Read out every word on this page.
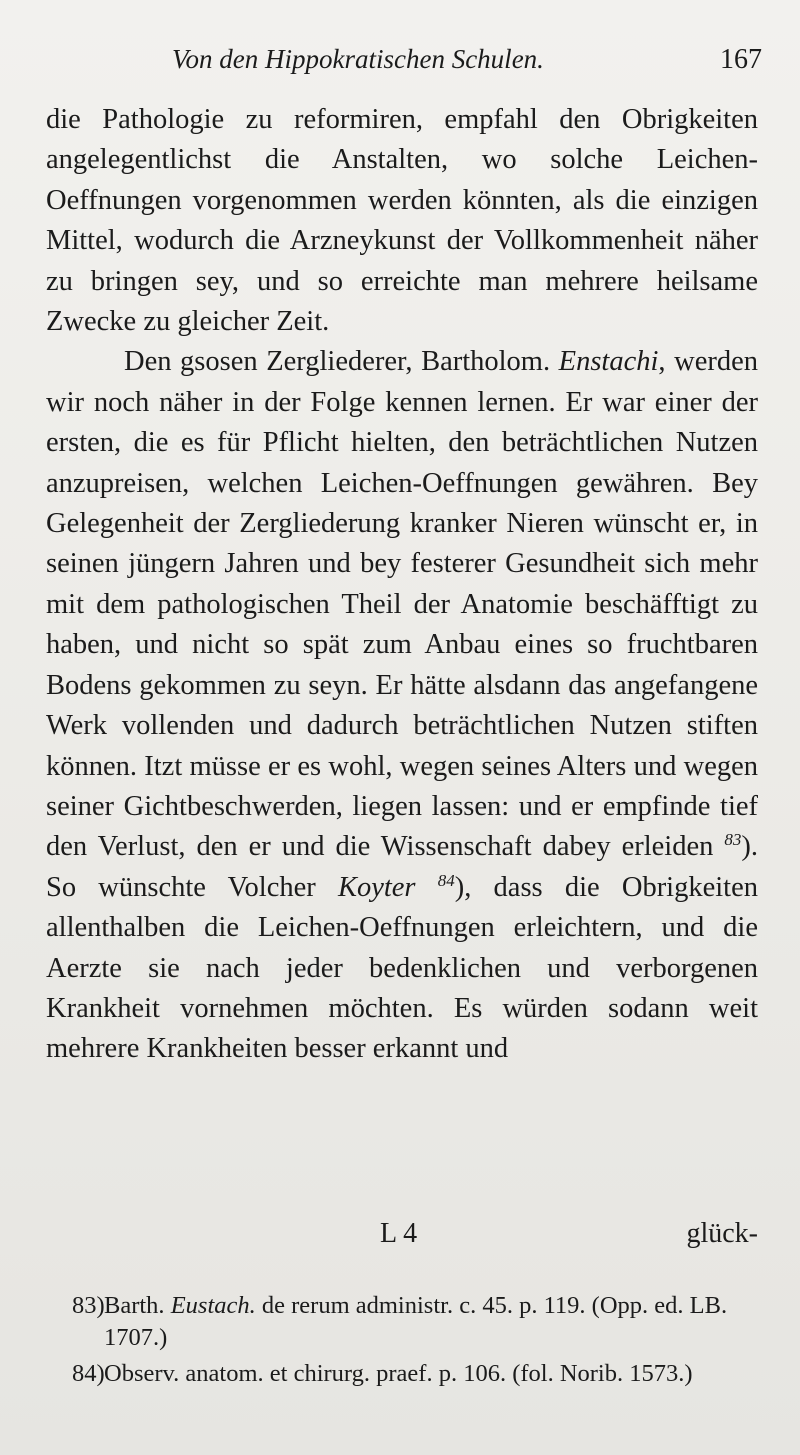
Von den Hippokratischen Schulen.	167

die Pathologie zu reformiren, empfahl den Obrigkeiten angelegentlichst die Anstalten, wo solche Leichen-Oeffnungen vorgenommen werden könnten, als die einzigen Mittel, wodurch die Arzneykunst der Vollkommenheit näher zu bringen sey, und so erreichte man mehrere heilsame Zwecke zu gleicher Zeit.

Den gsosen Zergliederer, Bartholom. Enstachi, werden wir noch näher in der Folge kennen lernen. Er war einer der ersten, die es für Pflicht hielten, den beträchtlichen Nutzen anzupreisen, welchen Leichen-Oeffnungen gewähren. Bey Gelegenheit der Zergliederung kranker Nieren wünscht er, in seinen jüngern Jahren und bey festerer Gesundheit sich mehr mit dem pathologischen Theil der Anatomie beschäfftigt zu haben, und nicht so spät zum Anbau eines so fruchtbaren Bodens gekommen zu seyn. Er hätte alsdann das angefangene Werk vollenden und dadurch beträchtlichen Nutzen stiften können. Itzt müsse er es wohl, wegen seines Alters und wegen seiner Gichtbeschwerden, liegen lassen: und er empfinde tief den Verlust, den er und die Wissenschaft dabey erleiden $^{83}$). So wünschte Volcher Koyter $^{84}$), dass die Obrigkeiten allenthalben die Leichen-Oeffnungen erleichtern, und die Aerzte sie nach jeder bedenklichen und verborgenen Krankheit vornehmen möchten. Es würden sodann weit mehrere Krankheiten besser erkannt und

L 4	glück-
83) Barth. Eustach. de rerum administr. c. 45. p. 119. (Opp. ed. LB. 1707.)
84) Observ. anatom. et chirurg. praef. p. 106. (fol. Norib. 1573.)
